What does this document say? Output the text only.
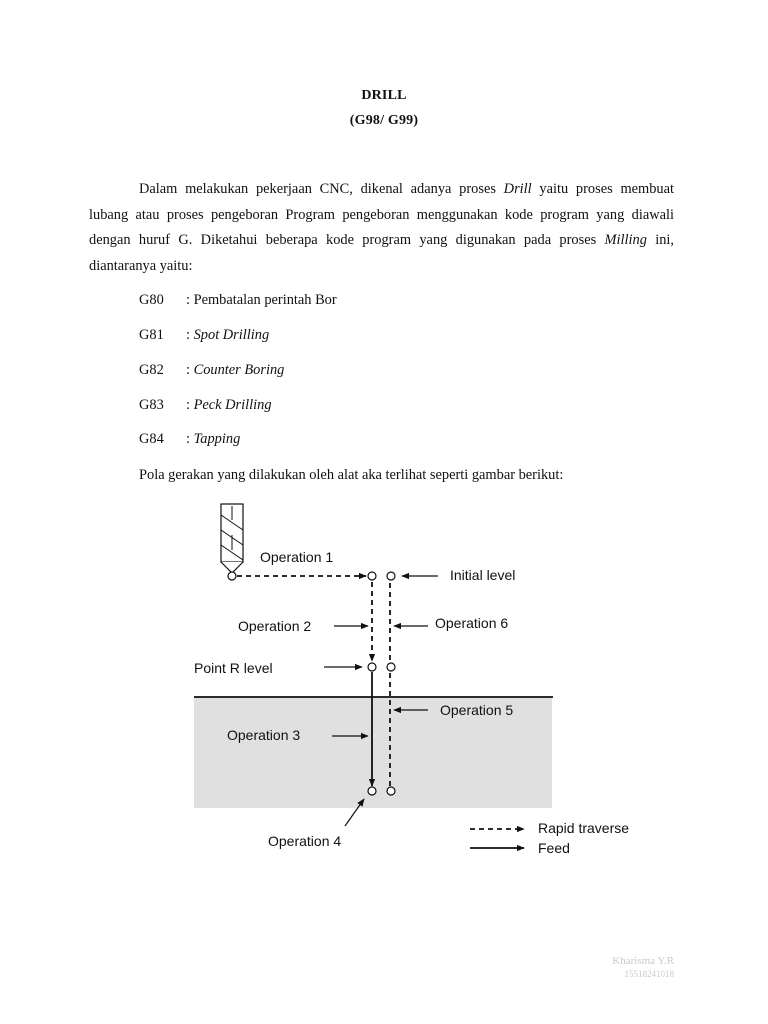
DRILL
(G98/ G99)
Dalam melakukan pekerjaan CNC, dikenal adanya proses Drill yaitu proses membuat lubang atau proses pengeboran Program pengeboran menggunakan kode program yang diawali dengan huruf G. Diketahui beberapa kode program yang digunakan pada proses Milling ini, diantaranya yaitu:
G80 : Pembatalan perintah Bor
G81 : Spot Drilling
G82 : Counter Boring
G83 : Peck Drilling
G84 : Tapping
Pola gerakan yang dilakukan oleh alat aka terlihat seperti gambar berikut:
Operation 1
Initial level
Operation 2	Operation 6
Point R level
Operation 5
Operation 3
Operation 4
Rapid traverse
Feed
Kharisma Y.R
15518241018
